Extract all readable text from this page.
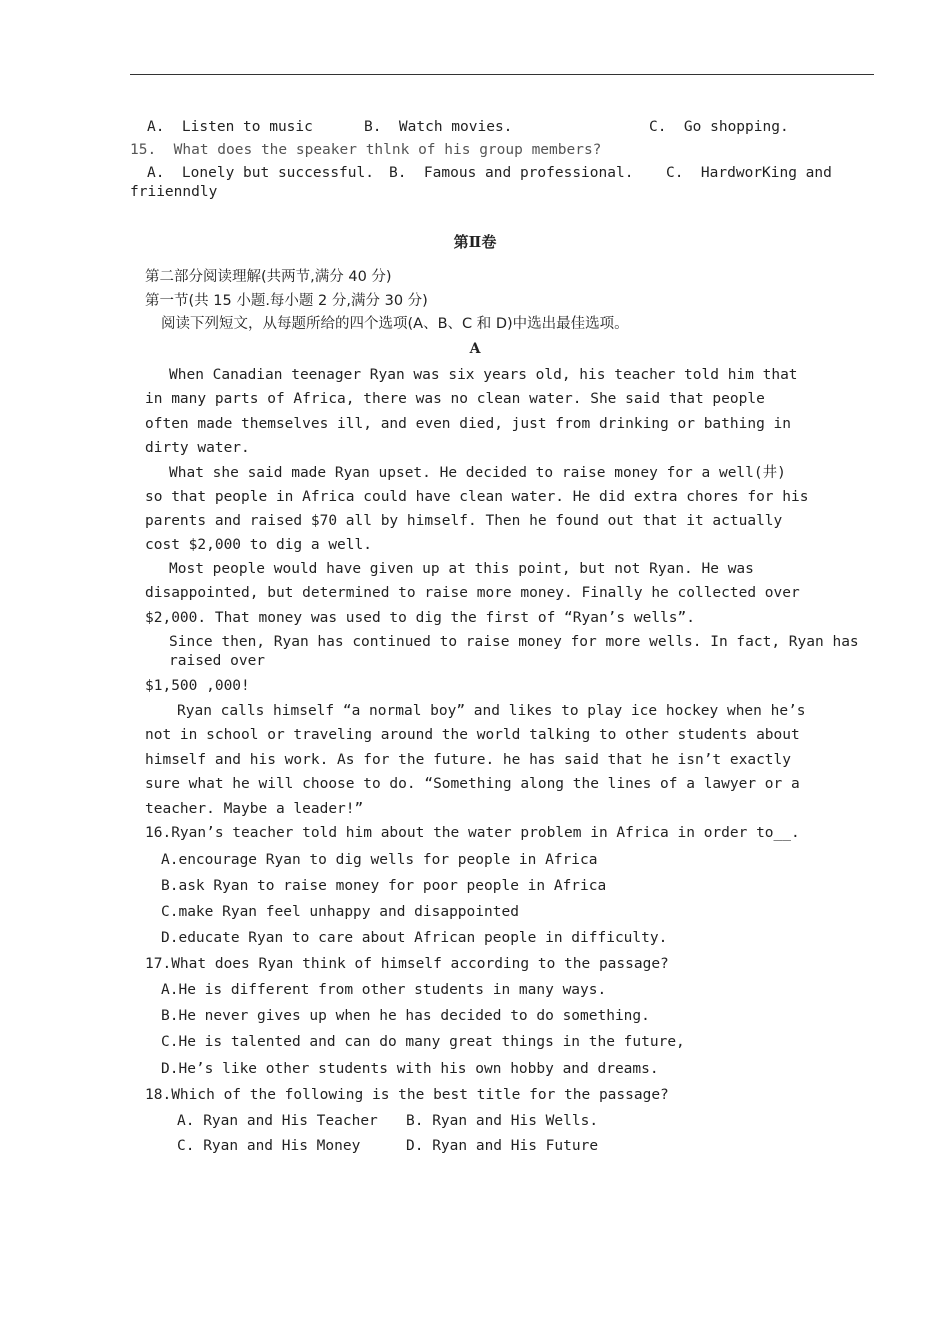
A.  Listen to music	B.  Watch movies.	C.  Go shopping.
15.  What does the speaker thlnk of his group members?
A.  Lonely but successful. B.  Famous and professional. C.  HardworKing and
friienndly
第Ⅱ卷
第二部分阅读理解(共两节,满分 40 分)
第一节(共 15 小题.每小题 2 分,满分 30 分)
阅读下列短文，从每题所给的四个选项(A、B、C 和 D)中选出最佳选项。
A
When Canadian teenager Ryan was six years old, his teacher told him that
in many parts of Africa, there was no clean water. She said that people
often made themselves ill, and even died, just from drinking or bathing in
dirty water.
What she said made Ryan upset. He decided to raise money for a well(井)
so that people in Africa could have clean water. He did extra chores for his
parents and raised $70 all by himself. Then he found out that it actually
cost $2,000 to dig a well.
Most people would have given up at this point, but not Ryan. He was
disappointed, but determined to raise more money. Finally he collected over
$2,000. That money was used to dig the first of “Ryan’s wells”.
Since then, Ryan has continued to raise money for more wells. In fact, Ryan has
raised over
$1,500 ,000!
Ryan calls himself “a normal boy” and likes to play ice hockey when he’s
not in school or traveling around the world talking to other students about
himself and his work. As for the future. he has said that he isn’t exactly
sure what he will choose to do. “Something along the lines of a lawyer or a
teacher. Maybe a leader!”
16.Ryan’s teacher told him about the water problem in Africa in order to__.
A.encourage Ryan to dig wells for people in Africa
B.ask Ryan to raise money for poor people in Africa
C.make Ryan feel unhappy and disappointed
D.educate Ryan to care about African people in difficulty.
17.What does Ryan think of himself according to the passage?
A.He is different from other students in many ways.
B.He never gives up when he has decided to do something.
C.He is talented and can do many great things in the future,
D.He’s like other students with his own hobby and dreams.
18.Which of the following is the best title for the passage?
A. Ryan and His Teacher B. Ryan and His Wells.
C. Ryan and His Money	D. Ryan and His Future
